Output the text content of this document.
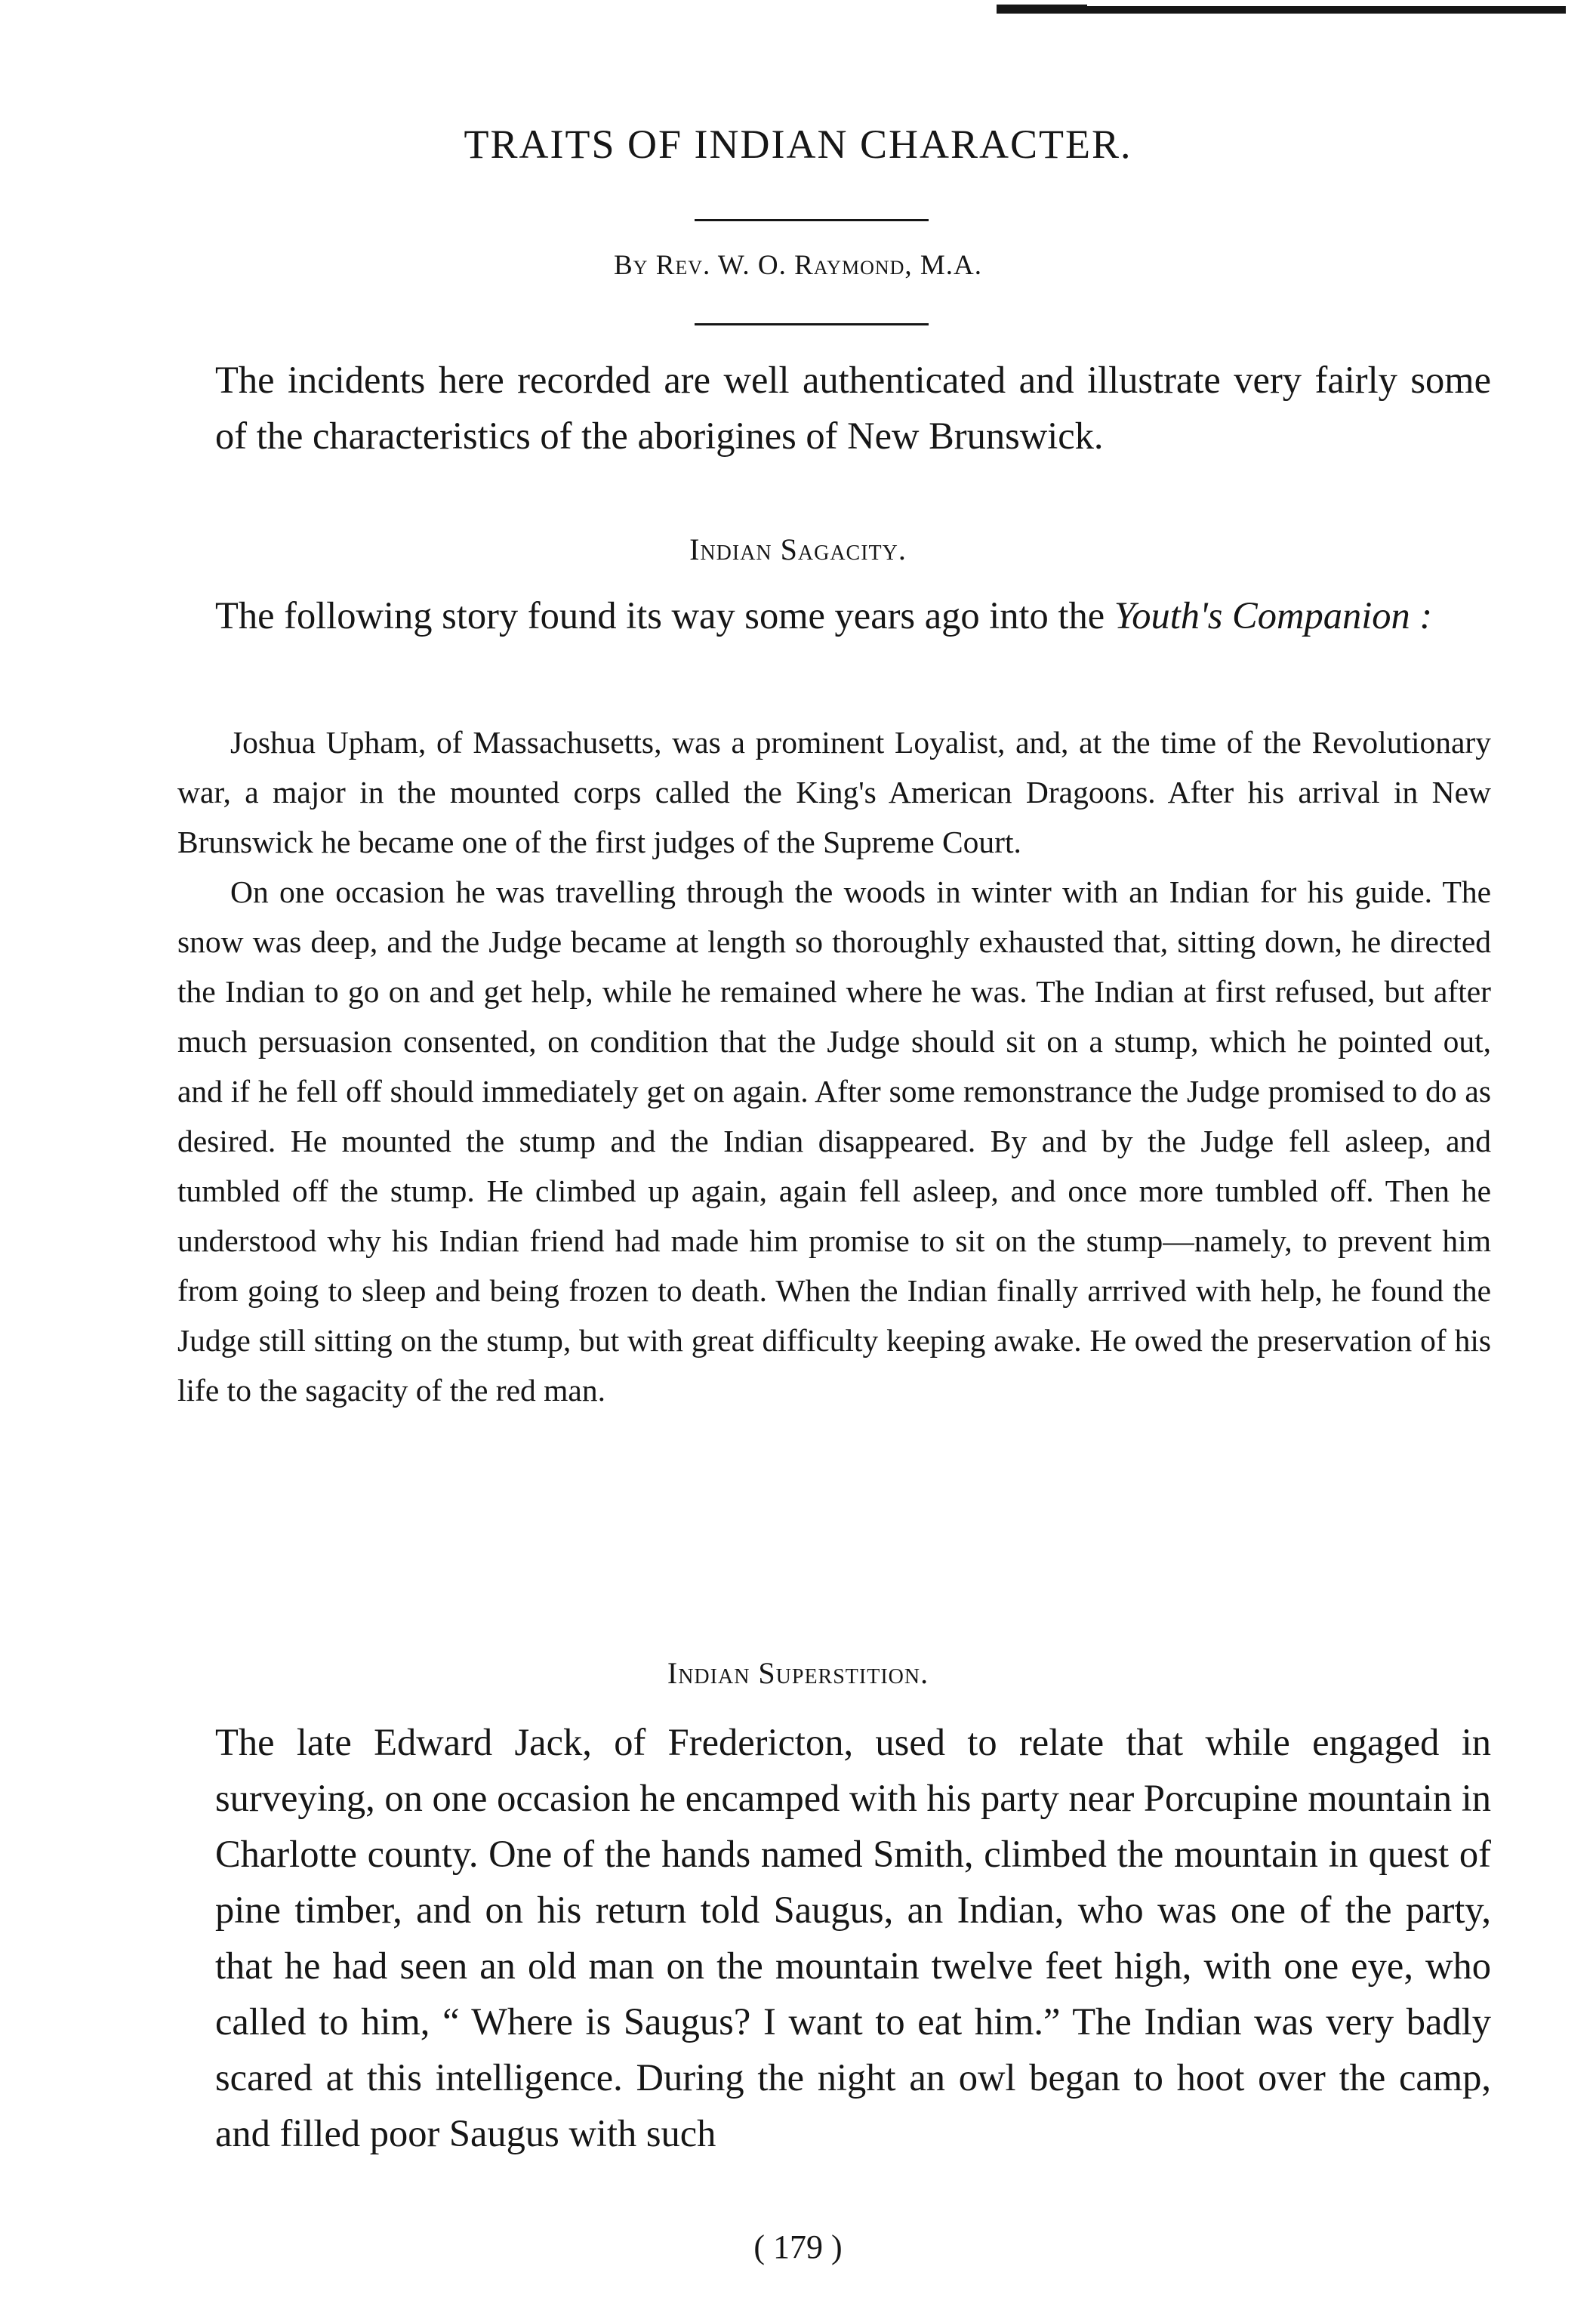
TRAITS OF INDIAN CHARACTER.
By Rev. W. O. Raymond, M.A.

The incidents here recorded are well authenticated and illustrate very fairly some of the characteristics of the aborigines of New Brunswick.

Indian Sagacity.

The following story found its way some years ago into the Youth's Companion :

Joshua Upham, of Massachusetts, was a prominent Loyalist, and, at the time of the Revolutionary war, a major in the mounted corps called the King's American Dragoons. After his arrival in New Brunswick he became one of the first judges of the Supreme Court.

On one occasion he was travelling through the woods in winter with an Indian for his guide. The snow was deep, and the Judge became at length so thoroughly exhausted that, sitting down, he directed the Indian to go on and get help, while he remained where he was. The Indian at first refused, but after much persuasion consented, on condition that the Judge should sit on a stump, which he pointed out, and if he fell off should immediately get on again. After some remonstrance the Judge promised to do as desired. He mounted the stump and the Indian disappeared. By and by the Judge fell asleep, and tumbled off the stump. He climbed up again, again fell asleep, and once more tumbled off. Then he understood why his Indian friend had made him promise to sit on the stump—namely, to prevent him from going to sleep and being frozen to death. When the Indian finally arrrived with help, he found the Judge still sitting on the stump, but with great difficulty keeping awake. He owed the preservation of his life to the sagacity of the red man.

Indian Superstition.

The late Edward Jack, of Fredericton, used to relate that while engaged in surveying, on one occasion he encamped with his party near Porcupine mountain in Charlotte county. One of the hands named Smith, climbed the mountain in quest of pine timber, and on his return told Saugus, an Indian, who was one of the party, that he had seen an old man on the mountain twelve feet high, with one eye, who called to him, “ Where is Saugus? I want to eat him.” The Indian was very badly scared at this intelligence. During the night an owl began to hoot over the camp, and filled poor Saugus with such

( 179 )
